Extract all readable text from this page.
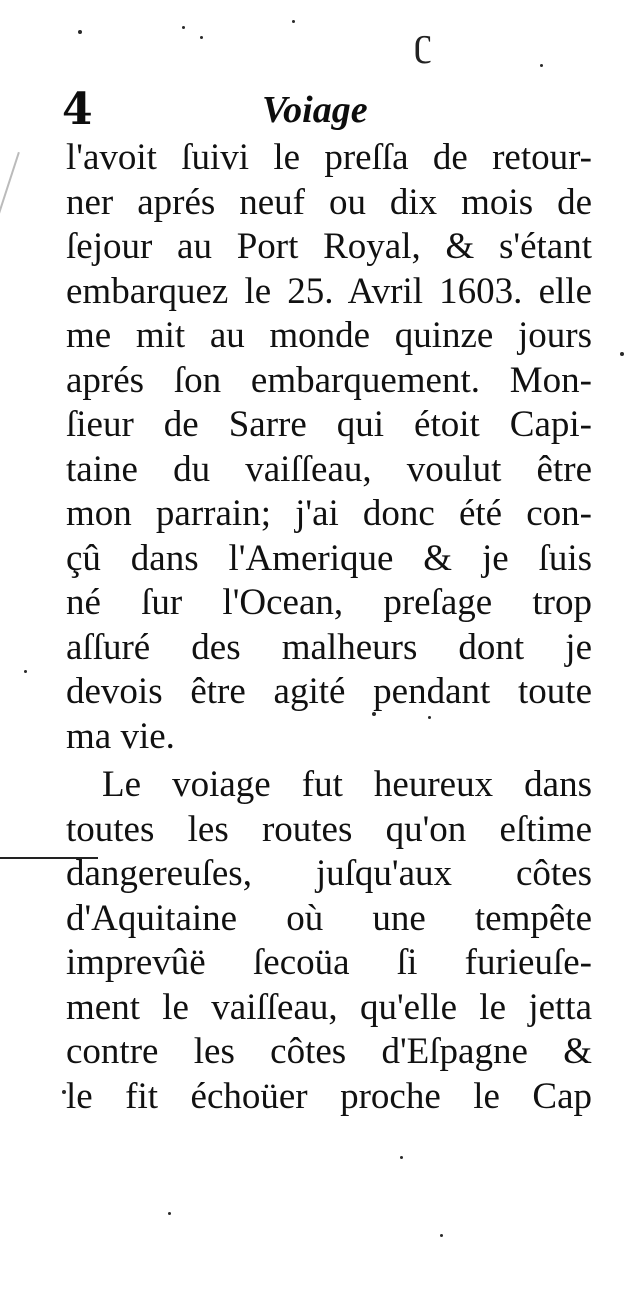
ʗ
4	Voiage
l'avoit ſuivi le preſſa de retour-
ner aprés neuf ou dix mois de
ſejour au Port Royal, & s'étant
embarquez le 25. Avril 1603. elle
me mit au monde quinze jours
aprés ſon embarquement. Mon-
ſieur de Sarre qui étoit Capi-
taine du vaiſſeau, voulut être
mon parrain; j'ai donc été con-
çû dans l'Amerique & je ſuis
né ſur l'Ocean, preſage trop
aſſuré des malheurs dont je
devois être agité pendant toute
ma vie.
Le voiage fut heureux dans
toutes les routes qu'on eſtime
dangereuſes, juſqu'aux côtes
d'Aquitaine où une tempête
imprevûë ſecoüa ſi furieuſe-
ment le vaiſſeau, qu'elle le jetta
contre les côtes d'Eſpagne &
le fit échoüer proche le Cap
